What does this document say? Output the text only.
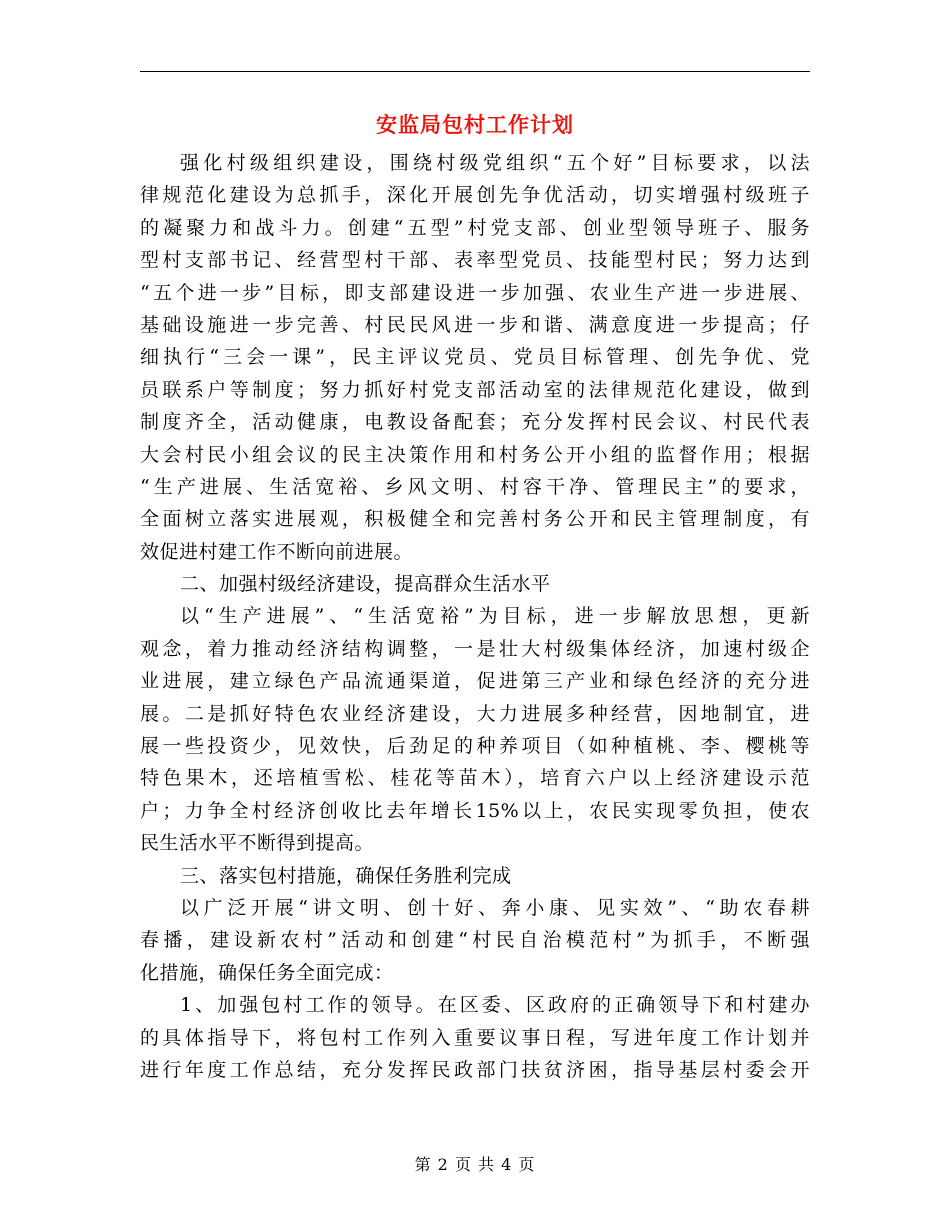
安监局包村工作计划
强化村级组织建设，围绕村级党组织“五个好”目标要求，以法
律规范化建设为总抓手，深化开展创先争优活动，切实增强村级班子
的凝聚力和战斗力。创建“五型”村党支部、创业型领导班子、服务
型村支部书记、经营型村干部、表率型党员、技能型村民；努力达到
“五个进一步”目标，即支部建设进一步加强、农业生产进一步进展、
基础设施进一步完善、村民民风进一步和谐、满意度进一步提高；仔
细执行“三会一课”，民主评议党员、党员目标管理、创先争优、党
员联系户等制度；努力抓好村党支部活动室的法律规范化建设，做到
制度齐全，活动健康，电教设备配套；充分发挥村民会议、村民代表
大会村民小组会议的民主决策作用和村务公开小组的监督作用；根据
“生产进展、生活宽裕、乡风文明、村容干净、管理民主”的要求，
全面树立落实进展观，积极健全和完善村务公开和民主管理制度，有
效促进村建工作不断向前进展。
二、加强村级经济建设，提高群众生活水平
以“生产进展”、“生活宽裕”为目标，进一步解放思想，更新
观念，着力推动经济结构调整，一是壮大村级集体经济，加速村级企
业进展，建立绿色产品流通渠道，促进第三产业和绿色经济的充分进
展。二是抓好特色农业经济建设，大力进展多种经营，因地制宜，进
展一些投资少，见效快，后劲足的种养项目（如种植桃、李、樱桃等
特色果木，还培植雪松、桂花等苗木），培育六户以上经济建设示范
户；力争全村经济创收比去年增长15%以上，农民实现零负担，使农
民生活水平不断得到提高。
三、落实包村措施，确保任务胜利完成
以广泛开展“讲文明、创十好、奔小康、见实效”、“助农春耕
春播，建设新农村”活动和创建“村民自治模范村”为抓手，不断强
化措施，确保任务全面完成：
1、加强包村工作的领导。在区委、区政府的正确领导下和村建办
的具体指导下，将包村工作列入重要议事日程，写进年度工作计划并
进行年度工作总结，充分发挥民政部门扶贫济困，指导基层村委会开
第 2 页 共 4 页
